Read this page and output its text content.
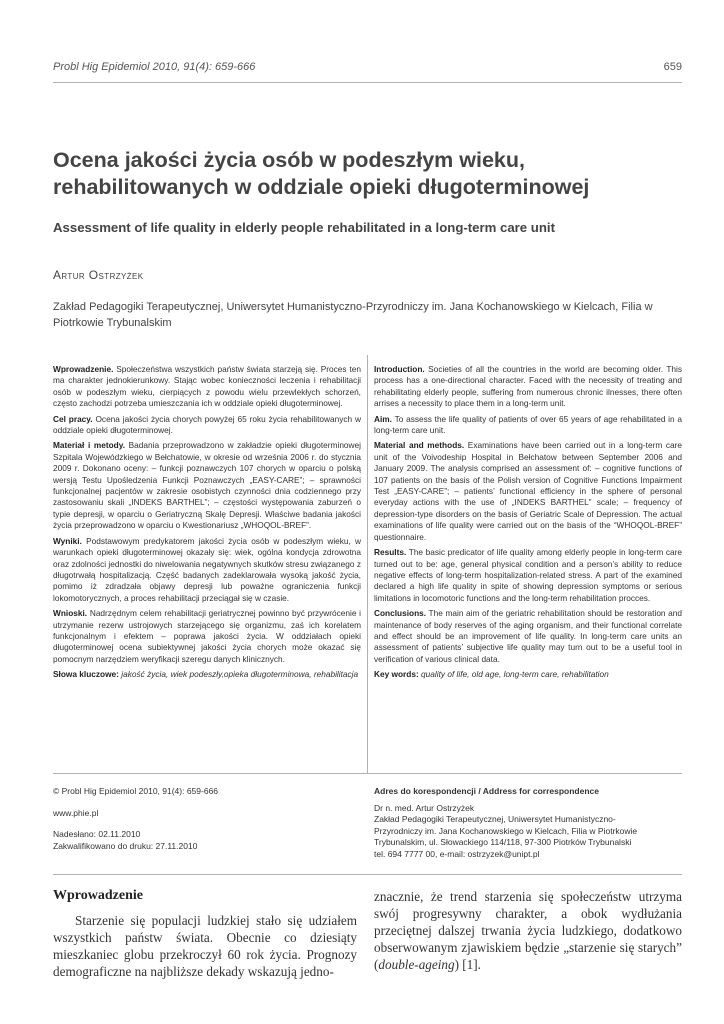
Probl Hig Epidemiol 2010, 91(4): 659-666	659
Ocena jakości życia osób w podeszłym wieku, rehabilitowanych w oddziale opieki długoterminowej
Assessment of life quality in elderly people rehabilitated in a long-term care unit
Artur Ostrzyżek
Zakład Pedagogiki Terapeutycznej, Uniwersytet Humanistyczno-Przyrodniczy im. Jana Kochanowskiego w Kielcach, Filia w Piotrkowie Trybunalskim

Wprowadzenie. Społeczeństwa wszystkich państw świata starzeją się. Proces ten ma charakter jednokierunkowy. Stając wobec konieczności leczenia i rehabilitacji osób w podeszłym wieku, cierpiących z powodu wielu przewlekłych schorzeń, często zachodzi potrzeba umieszczania ich w oddziale opieki długoterminowej.

Cel pracy. Ocena jakości życia chorych powyżej 65 roku życia rehabilitowanych w oddziale opieki długoterminowej.

Materiał i metody. Badania przeprowadzono w zakładzie opieki długoterminowej Szpitala Wojewódzkiego w Bełchatowie, w okresie od września 2006 r. do stycznia 2009 r. Dokonano oceny: – funkcji poznawczych 107 chorych w oparciu o polską wersją Testu Upośledzenia Funkcji Poznawczych „EASY-CARE”; – sprawności funkcjonalnej pacjentów w zakresie osobistych czynności dnia codziennego przy zastosowaniu skali „INDEKS BARTHEL”; – częstości występowania zaburzeń o typie depresji, w oparciu o Geriatryczną Skalę Depresji. Właściwe badania jakości życia przeprowadzono w oparciu o Kwestionariusz „WHOQOL-BREF”.

Wyniki. Podstawowym predykatorem jakości życia osób w podeszłym wieku, w warunkach opieki długoterminowej okazały się: wiek, ogólna kondycja zdrowotna oraz zdolności jednostki do niwelowania negatywnych skutków stresu związanego z długotrwałą hospitalizacją. Część badanych zadeklarowała wysoką jakość życia, pomimo iż zdradzała objawy depresji lub poważne ograniczenia funkcji lokomotorycznych, a proces rehabilitacji przeciągał się w czasie.

Wnioski. Nadrzędnym celem rehabilitacji geriatrycznej powinno być przywrócenie i utrzymanie rezerw ustrojowych starzejącego się organizmu, zaś ich korelatem funkcjonalnym i efektem – poprawa jakości życia. W oddziałach opieki długoterminowej ocena subiektywnej jakości życia chorych może okazać się pomocnym narzędziem weryfikacji szeregu danych klinicznych.

Słowa kluczowe: jakość życia, wiek podeszły,opieka długoterminowa, rehabilitacja

Introduction. Societies of all the countries in the world are becoming older. This process has a one-directional character. Faced with the necessity of treating and rehabilitating elderly people, suffering from numerous chronic ilnesses, there often arrises a necessity to place them in a long-term unit.

Aim. To assess the life quality of patients of over 65 years of age rehabilitated in a long-term care unit.

Material and methods. Examinations have been carried out in a long-term care unit of the Voivodeship Hospital in Bełchatow between September 2006 and January 2009. The analysis comprised an assessment of: – cognitive functions of 107 patients on the basis of the Polish version of Cognitive Functions Impairment Test „EASY-CARE”; – patients’ functional efficiency in the sphere of personal everyday actions with the use of „INDEKS BARTHEL” scale; – frequency of depression-type disorders on the basis of Geriatric Scale of Depression. The actual examinations of life quality were carried out on the basis of the “WHOQOL-BREF” questionnaire.

Results. The basic predicator of life quality among elderly people in long-term care turned out to be: age, general physical condition and a person’s ability to reduce negative effects of long-term hospitalization-related stress. A part of the examined declared a high life quality in spite of showing depression symptoms or serious limitations in locomotoric functions and the long-term rehabilitation procces.

Conclusions. The main aim of the geriatric rehabilitation should be restoration and maintenance of body reserves of the aging organism, and their functional correlate and effect should be an improvement of life quality. In long-term care units an assessment of patients’ subjective life quality may turn out to be a useful tool in verification of various clinical data.

Key words: quality of life, old age, long-term care, rehabilitation

© Probl Hig Epidemiol 2010, 91(4): 659-666
www.phie.pl
Nadesłano: 02.11.2010
Zakwalifikowano do druku: 27.11.2010
Adres do korespondencji / Address for correspondence
Dr n. med. Artur Ostrzyżek
Zakład Pedagogiki Terapeutycznej, Uniwersytet Humanistyczno-
Przyrodniczy im. Jana Kochanowskiego w Kielcach, Filia w Piotrkowie
Trybunalskim, ul. Słowackiego 114/118, 97-300 Piotrków Trybunalski
tel. 694 7777 00, e-mail: ostrzyzek@unipt.pl
Wprowadzenie
Starzenie się populacji ludzkiej stało się udziałem wszystkich państw świata. Obecnie co dziesiąty mieszkaniec globu przekroczył 60 rok życia. Prognozy demograficzne na najbliższe dekady wskazują jedno-
znacznie, że trend starzenia się społeczeństw utrzyma swój progresywny charakter, a obok wydłużania przeciętnej dalszej trwania życia ludzkiego, dodatkowo obserwowanym zjawiskiem będzie „starzenie się starych” (double-ageing) [1].
